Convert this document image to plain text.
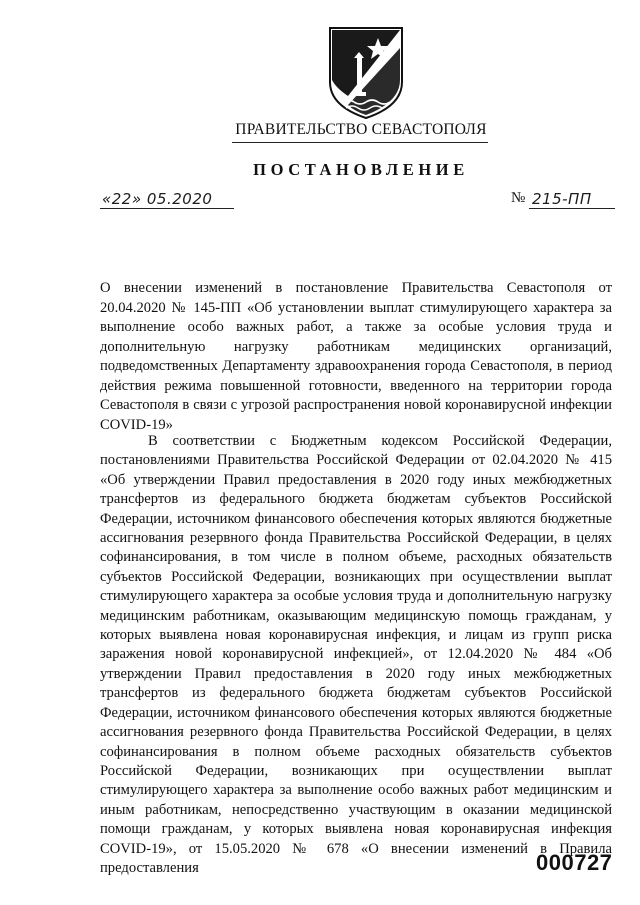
ПРАВИТЕЛЬСТВО СЕВАСТОПОЛЯ
ПОСТАНОВЛЕНИЕ
«22» 05.2020	№ 215-ПП
О внесении изменений в постановление Правительства Севастополя от 20.04.2020 № 145-ПП «Об установлении выплат стимулирующего характера за выполнение особо важных работ, а также за особые условия труда и дополнительную нагрузку работникам медицинских организаций, подведомственных Департаменту здравоохранения города Севастополя, в период действия режима повышенной готовности, введенного на территории города Севастополя в связи с угрозой распространения новой коронавирусной инфекции COVID-19»
В соответствии с Бюджетным кодексом Российской Федерации, постановлениями Правительства Российской Федерации от 02.04.2020 № 415 «Об утверждении Правил предоставления в 2020 году иных межбюджетных трансфертов из федерального бюджета бюджетам субъектов Российской Федерации, источником финансового обеспечения которых являются бюджетные ассигнования резервного фонда Правительства Российской Федерации, в целях софинансирования, в том числе в полном объеме, расходных обязательств субъектов Российской Федерации, возникающих при осуществлении выплат стимулирующего характера за особые условия труда и дополнительную нагрузку медицинским работникам, оказывающим медицинскую помощь гражданам, у которых выявлена новая коронавирусная инфекция, и лицам из групп риска заражения новой коронавирусной инфекцией», от 12.04.2020 № 484 «Об утверждении Правил предоставления в 2020 году иных межбюджетных трансфертов из федерального бюджета бюджетам субъектов Российской Федерации, источником финансового обеспечения которых являются бюджетные ассигнования резервного фонда Правительства Российской Федерации, в целях софинансирования в полном объеме расходных обязательств субъектов Российской Федерации, возникающих при осуществлении выплат стимулирующего характера за выполнение особо важных работ медицинским и иным работникам, непосредственно участвующим в оказании медицинской помощи гражданам, у которых выявлена новая коронавирусная инфекция COVID-19», от 15.05.2020 № 678 «О внесении изменений в Правила предоставления	000727
